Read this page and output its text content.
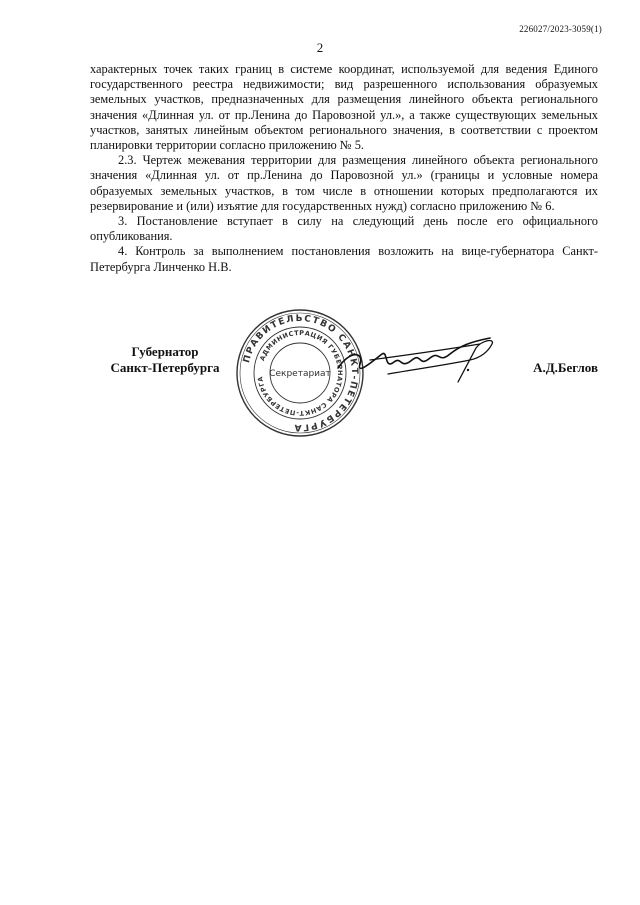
226027/2023-3059(1)
2

характерных точек таких границ в системе координат, используемой для ведения Единого государственного реестра недвижимости; вид разрешенного использования образуемых земельных участков, предназначенных для размещения линейного объекта регионального значения «Длинная ул. от пр.Ленина до Паровозной ул.», а также существующих земельных участков, занятых линейным объектом регионального значения, в соответствии с проектом планировки территории согласно приложению № 5.

2.3. Чертеж межевания территории для размещения линейного объекта регионального значения «Длинная ул. от пр.Ленина до Паровозной ул.» (границы и условные номера образуемых земельных участков, в том числе в отношении которых предполагаются их резервирование и (или) изъятие для государственных нужд) согласно приложению № 6.

3. Постановление вступает в силу на следующий день после его официального опубликования.

4. Контроль за выполнением постановления возложить на вице-губернатора Санкт-Петербурга Линченко Н.В.

Губернатор
Санкт-Петербурга
ПРАВИТЕЛЬСТВО САНКТ-ПЕТЕРБУРГА
АДМИНИСТРАЦИЯ ГУБЕРНАТОРА САНКТ-ПЕТЕРБУРГА Секретариат	А.Д.Беглов
